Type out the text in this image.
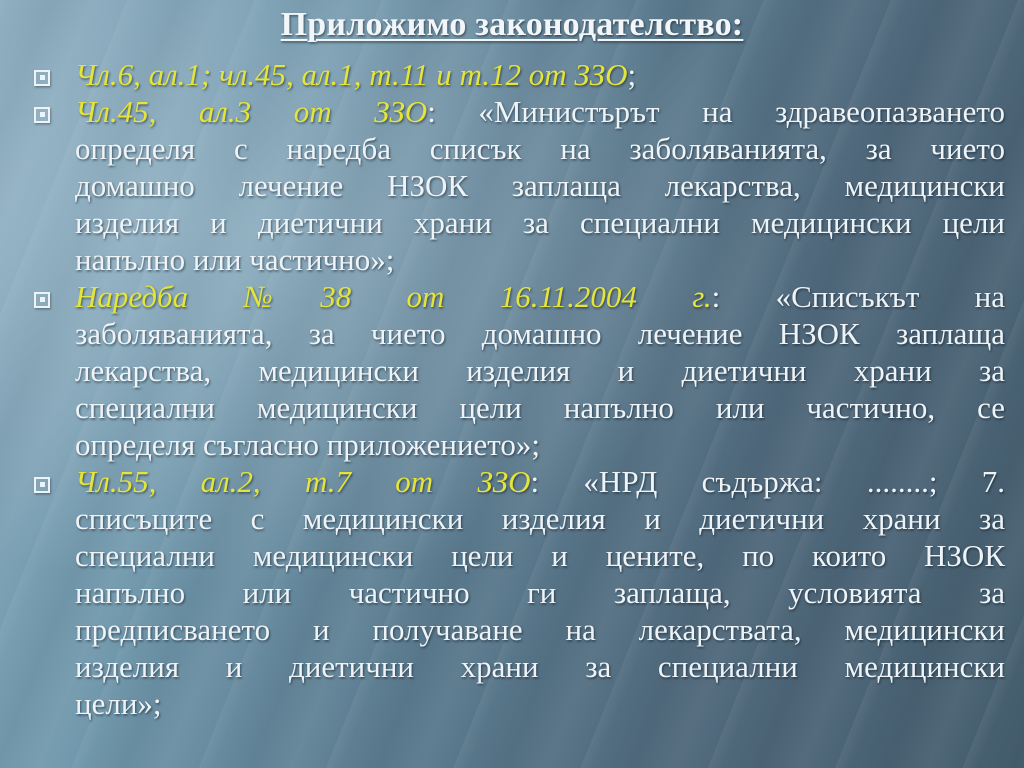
Приложимо законодателство:
Чл.6, ал.1; чл.45, ал.1, т.11 и т.12 от ЗЗО;
Чл.45, ал.3 от ЗЗО: «Министърът на здравеопазването
определя с наредба списък на заболяванията, за чието
домашно лечение НЗОК заплаща лекарства, медицински
изделия и диетични храни за специални медицински цели
напълно или частично»;
Наредба №38 от 16.11.2004 г.: «Списъкът на
заболяванията, за чието домашно лечение НЗОК заплаща
лекарства, медицински изделия и диетични храни за
специални медицински цели напълно или частично, се
определя съгласно приложението»;
Чл.55, ал.2, т.7 от ЗЗО: «НРД съдържа: ........; 7.
списъците с медицински изделия и диетични храни за
специални медицински цели и цените, по които НЗОК
напълно или частично ги заплаща, условията за
предписването и получаване на лекарствата, медицински
изделия и диетични храни за специални медицински
цели»;
